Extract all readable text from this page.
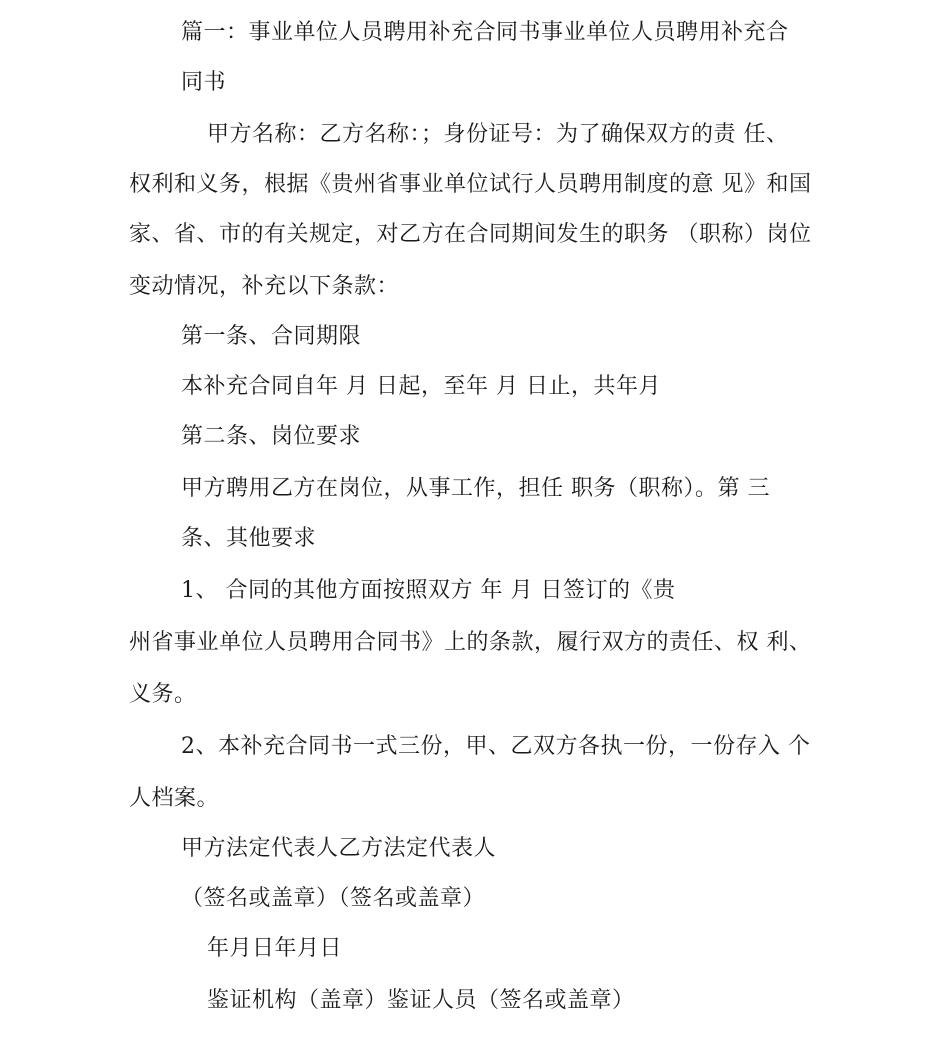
篇一：事业单位人员聘用补充合同书事业单位人员聘用补充合
同书
甲方名称：乙方名称：；身份证号：为了确保双方的责 任、
权利和义务，根据《贵州省事业单位试行人员聘用制度的意 见》和国
家、省、市的有关规定，对乙方在合同期间发生的职务 （职称）岗位
变动情况，补充以下条款：
第一条、合同期限
本补充合同自年 月 日起，至年 月 日止，共年月
第二条、岗位要求
甲方聘用乙方在岗位，从事工作，担任 职务（职称）。第 三
条、其他要求
1、 合同的其他方面按照双方 年 月 日签订的《贵
州省事业单位人员聘用合同书》上的条款，履行双方的责任、权 利、
义务。
2、本补充合同书一式三份，甲、乙双方各执一份，一份存入 个
人档案。
甲方法定代表人乙方法定代表人
（签名或盖章）（签名或盖章）
年月日年月日
鉴证机构（盖章）鉴证人员（签名或盖章）
